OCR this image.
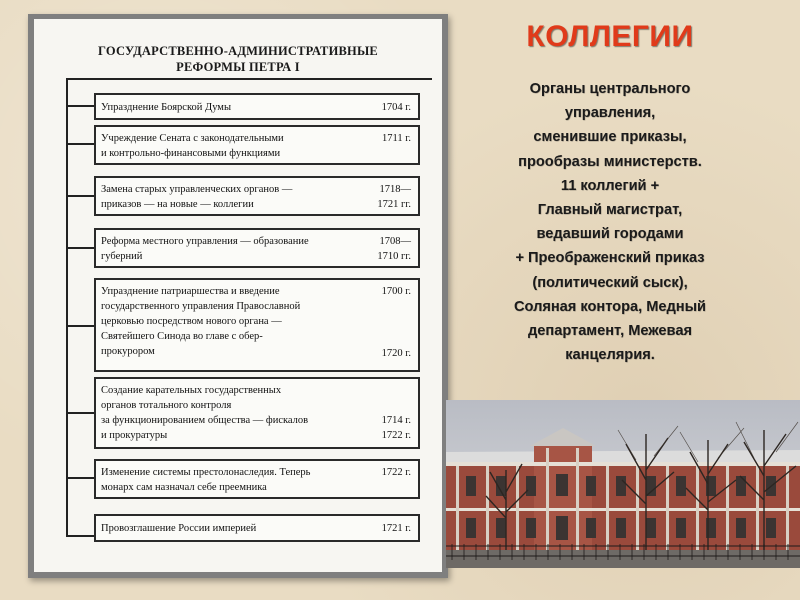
ГОСУДАРСТВЕННО-АДМИНИСТРАТИВНЫЕ
РЕФОРМЫ ПЕТРА I
Упразднение Боярской Думы	1704 г.
Учреждение Сената с законодательными
и контрольно-финансовыми функциями
1711 г.
Замена старых управленческих органов —
приказов — на новые — коллегии
1718—
1721 гг.
Реформа местного управления — образование
губерний
1708—
1710 гг.
Упразднение патриаршества и введение
государственного управления Православной
церковью посредством нового органа —
Святейшего Синода во главе с обер-
прокурором
1700 г.
1720 г.
Создание карательных государственных
органов тотального контроля
за функционированием общества — фискалов
и прокуратуры
1714 г.
1722 г.
Изменение системы престолонаследия. Теперь
монарх сам назначал себе преемника
1722 г.
Провозглашение России империей	1721 г.
КОЛЛЕГИИ
Органы центрального
управления,
сменившие приказы,
прообразы министерств.
11 коллегий +
Главный магистрат,
ведавший городами
+ Преображенский приказ
(политический сыск),
Соляная контора, Медный
департамент, Межевая
канцелярия.
